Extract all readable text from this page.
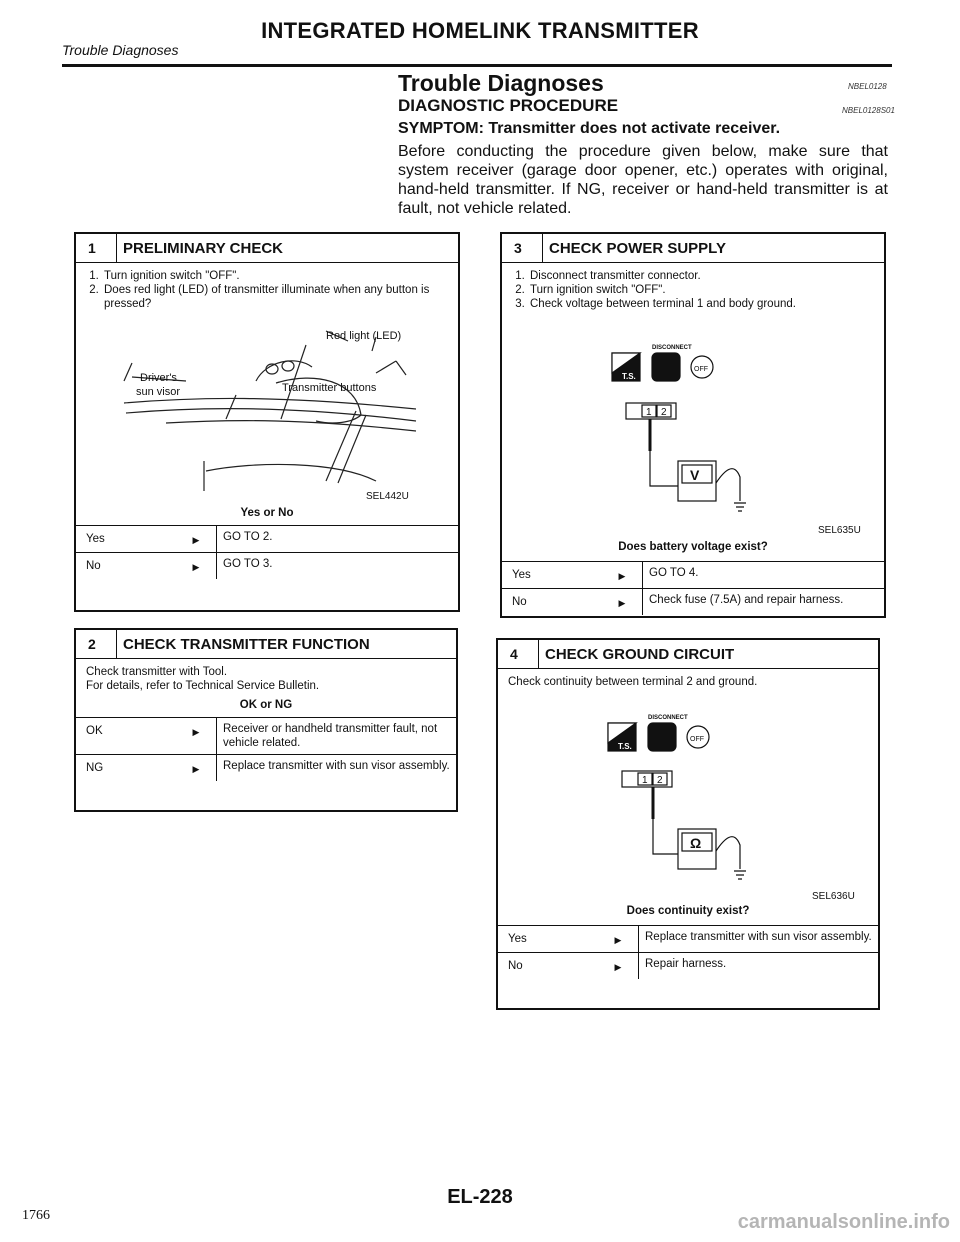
INTEGRATED HOMELINK TRANSMITTER
Trouble Diagnoses
Trouble Diagnoses	NBEL0128
DIAGNOSTIC PROCEDURE	NBEL0128S01
SYMPTOM: Transmitter does not activate receiver.
Before conducting the procedure given below, make sure that system receiver (garage door opener, etc.) operates with original, hand-held transmitter. If NG, receiver or hand-held transmitter is at fault, not vehicle related.
1	PRELIMINARY CHECK
1. Turn ignition switch "OFF".
2. Does red light (LED) of transmitter illuminate when any button is pressed?
Red light (LED)
Driver's
sun visor	Transmitter buttons
SEL442U
Yes or No
Yes	▶	GO TO 2.
No	▶	GO TO 3.
2	CHECK TRANSMITTER FUNCTION
Check transmitter with Tool.
For details, refer to Technical Service Bulletin.
OK or NG
OK	▶	Receiver or handheld transmitter fault, not vehicle related.
NG	▶	Replace transmitter with sun visor assembly.
3	CHECK POWER SUPPLY
1. Disconnect transmitter connector.
2. Turn ignition switch "OFF".
3. Check voltage between terminal 1 and body ground.
DISCONNECT
T.S.
OFF
1 2
V
SEL635U
Does battery voltage exist?
Yes	▶	GO TO 4.
No	▶	Check fuse (7.5A) and repair harness.
4	CHECK GROUND CIRCUIT
Check continuity between terminal 2 and ground.
DISCONNECT
T.S.
OFF
1 2
Ω
SEL636U
Does continuity exist?
Yes	▶	Replace transmitter with sun visor assembly.
No	▶	Repair harness.
EL-228
1766	carmanualsonline.info
